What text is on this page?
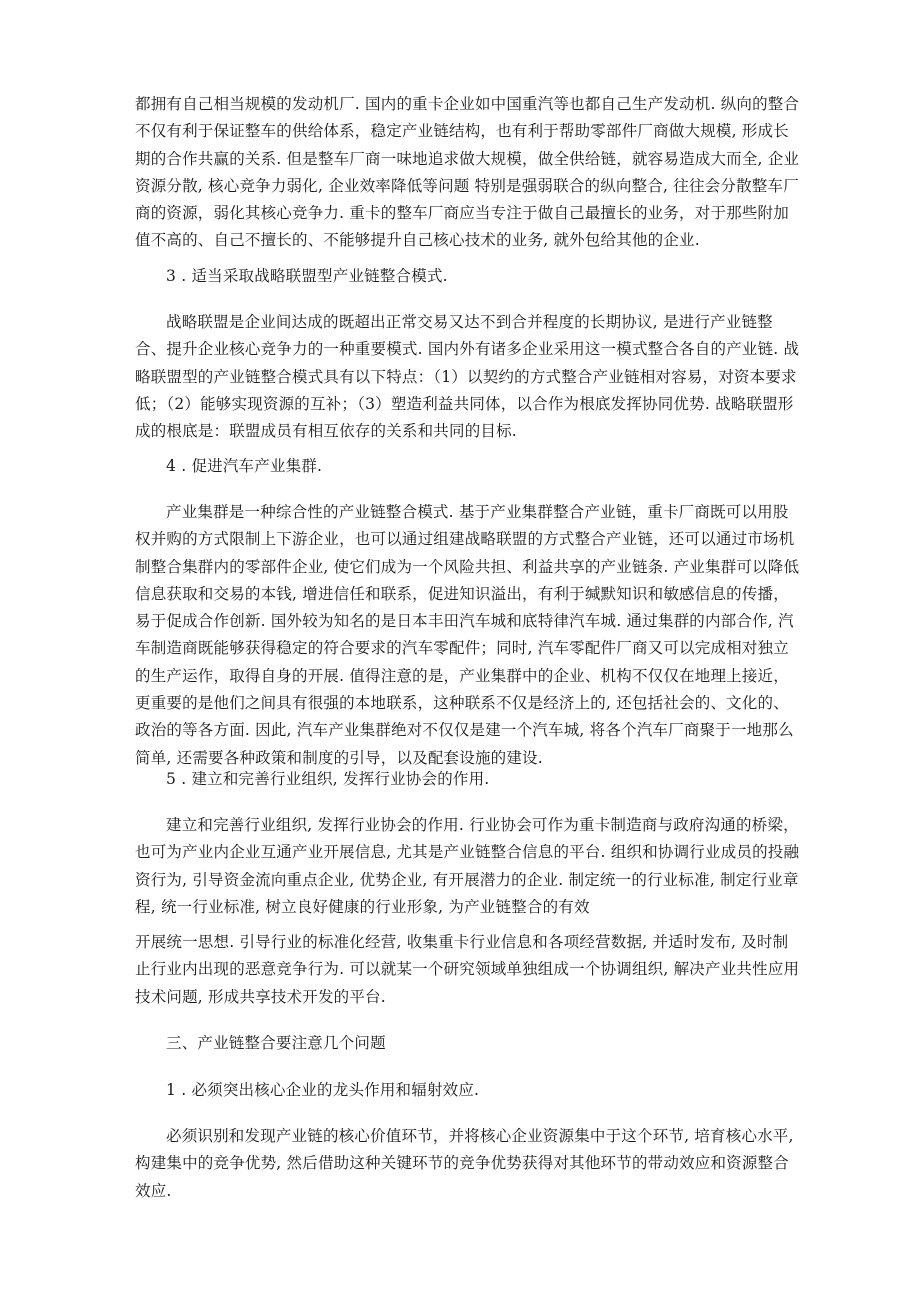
都拥有自己相当规模的发动机厂. 国内的重卡企业如中国重汽等也都自己生产发动机. 纵向的整合不仅有利于保证整车的供给体系，稳定产业链结构，也有利于帮助零部件厂商做大规模, 形成长期的合作共赢的关系. 但是整车厂商一味地追求做大规模，做全供给链，就容易造成大而全, 企业资源分散, 核心竞争力弱化, 企业效率降低等问题 特别是强弱联合的纵向整合, 往往会分散整车厂商的资源，弱化其核心竞争力. 重卡的整车厂商应当专注于做自己最擅长的业务，对于那些附加值不高的、自己不擅长的、不能够提升自己核心技术的业务, 就外包给其他的企业.

3 . 适当采取战略联盟型产业链整合模式.

战略联盟是企业间达成的既超出正常交易又达不到合并程度的长期协议, 是进行产业链整合、提升企业核心竞争力的一种重要模式. 国内外有诸多企业采用这一模式整合各自的产业链. 战略联盟型的产业链整合模式具有以下特点：（1）以契约的方式整合产业链相对容易，对资本要求低；（2）能够实现资源的互补；（3）塑造利益共同体，以合作为根底发挥协同优势. 战略联盟形成的根底是：联盟成员有相互依存的关系和共同的目标.

4 . 促进汽车产业集群.

产业集群是一种综合性的产业链整合模式. 基于产业集群整合产业链，重卡厂商既可以用股权并购的方式限制上下游企业，也可以通过组建战略联盟的方式整合产业链，还可以通过市场机制整合集群内的零部件企业, 使它们成为一个风险共担、利益共享的产业链条. 产业集群可以降低信息获取和交易的本钱, 增进信任和联系，促进知识溢出，有利于缄默知识和敏感信息的传播，易于促成合作创新. 国外较为知名的是日本丰田汽车城和底特律汽车城. 通过集群的内部合作, 汽车制造商既能够获得稳定的符合要求的汽车零配件；同时, 汽车零配件厂商又可以完成相对独立的生产运作，取得自身的开展. 值得注意的是，产业集群中的企业、机构不仅仅在地理上接近，更重要的是他们之间具有很强的本地联系，这种联系不仅是经济上的, 还包括社会的、文化的、政治的等各方面. 因此, 汽车产业集群绝对不仅仅是建一个汽车城, 将各个汽车厂商聚于一地那么简单, 还需要各种政策和制度的引导，以及配套设施的建设.

5 . 建立和完善行业组织, 发挥行业协会的作用.

建立和完善行业组织, 发挥行业协会的作用. 行业协会可作为重卡制造商与政府沟通的桥梁，也可为产业内企业互通产业开展信息, 尤其是产业链整合信息的平台. 组织和协调行业成员的投融资行为, 引导资金流向重点企业, 优势企业, 有开展潜力的企业. 制定统一的行业标准, 制定行业章程, 统一行业标准, 树立良好健康的行业形象, 为产业链整合的有效

开展统一思想. 引导行业的标准化经营, 收集重卡行业信息和各项经营数据, 并适时发布, 及时制止行业内出现的恶意竞争行为. 可以就某一个研究领域单独组成一个协调组织, 解决产业共性应用技术问题, 形成共享技术开发的平台.

三、产业链整合要注意几个问题

1 . 必须突出核心企业的龙头作用和辐射效应.

必须识别和发现产业链的核心价值环节，并将核心企业资源集中于这个环节, 培育核心水平, 构建集中的竞争优势, 然后借助这种关键环节的竞争优势获得对其他环节的带动效应和资源整合效应.
